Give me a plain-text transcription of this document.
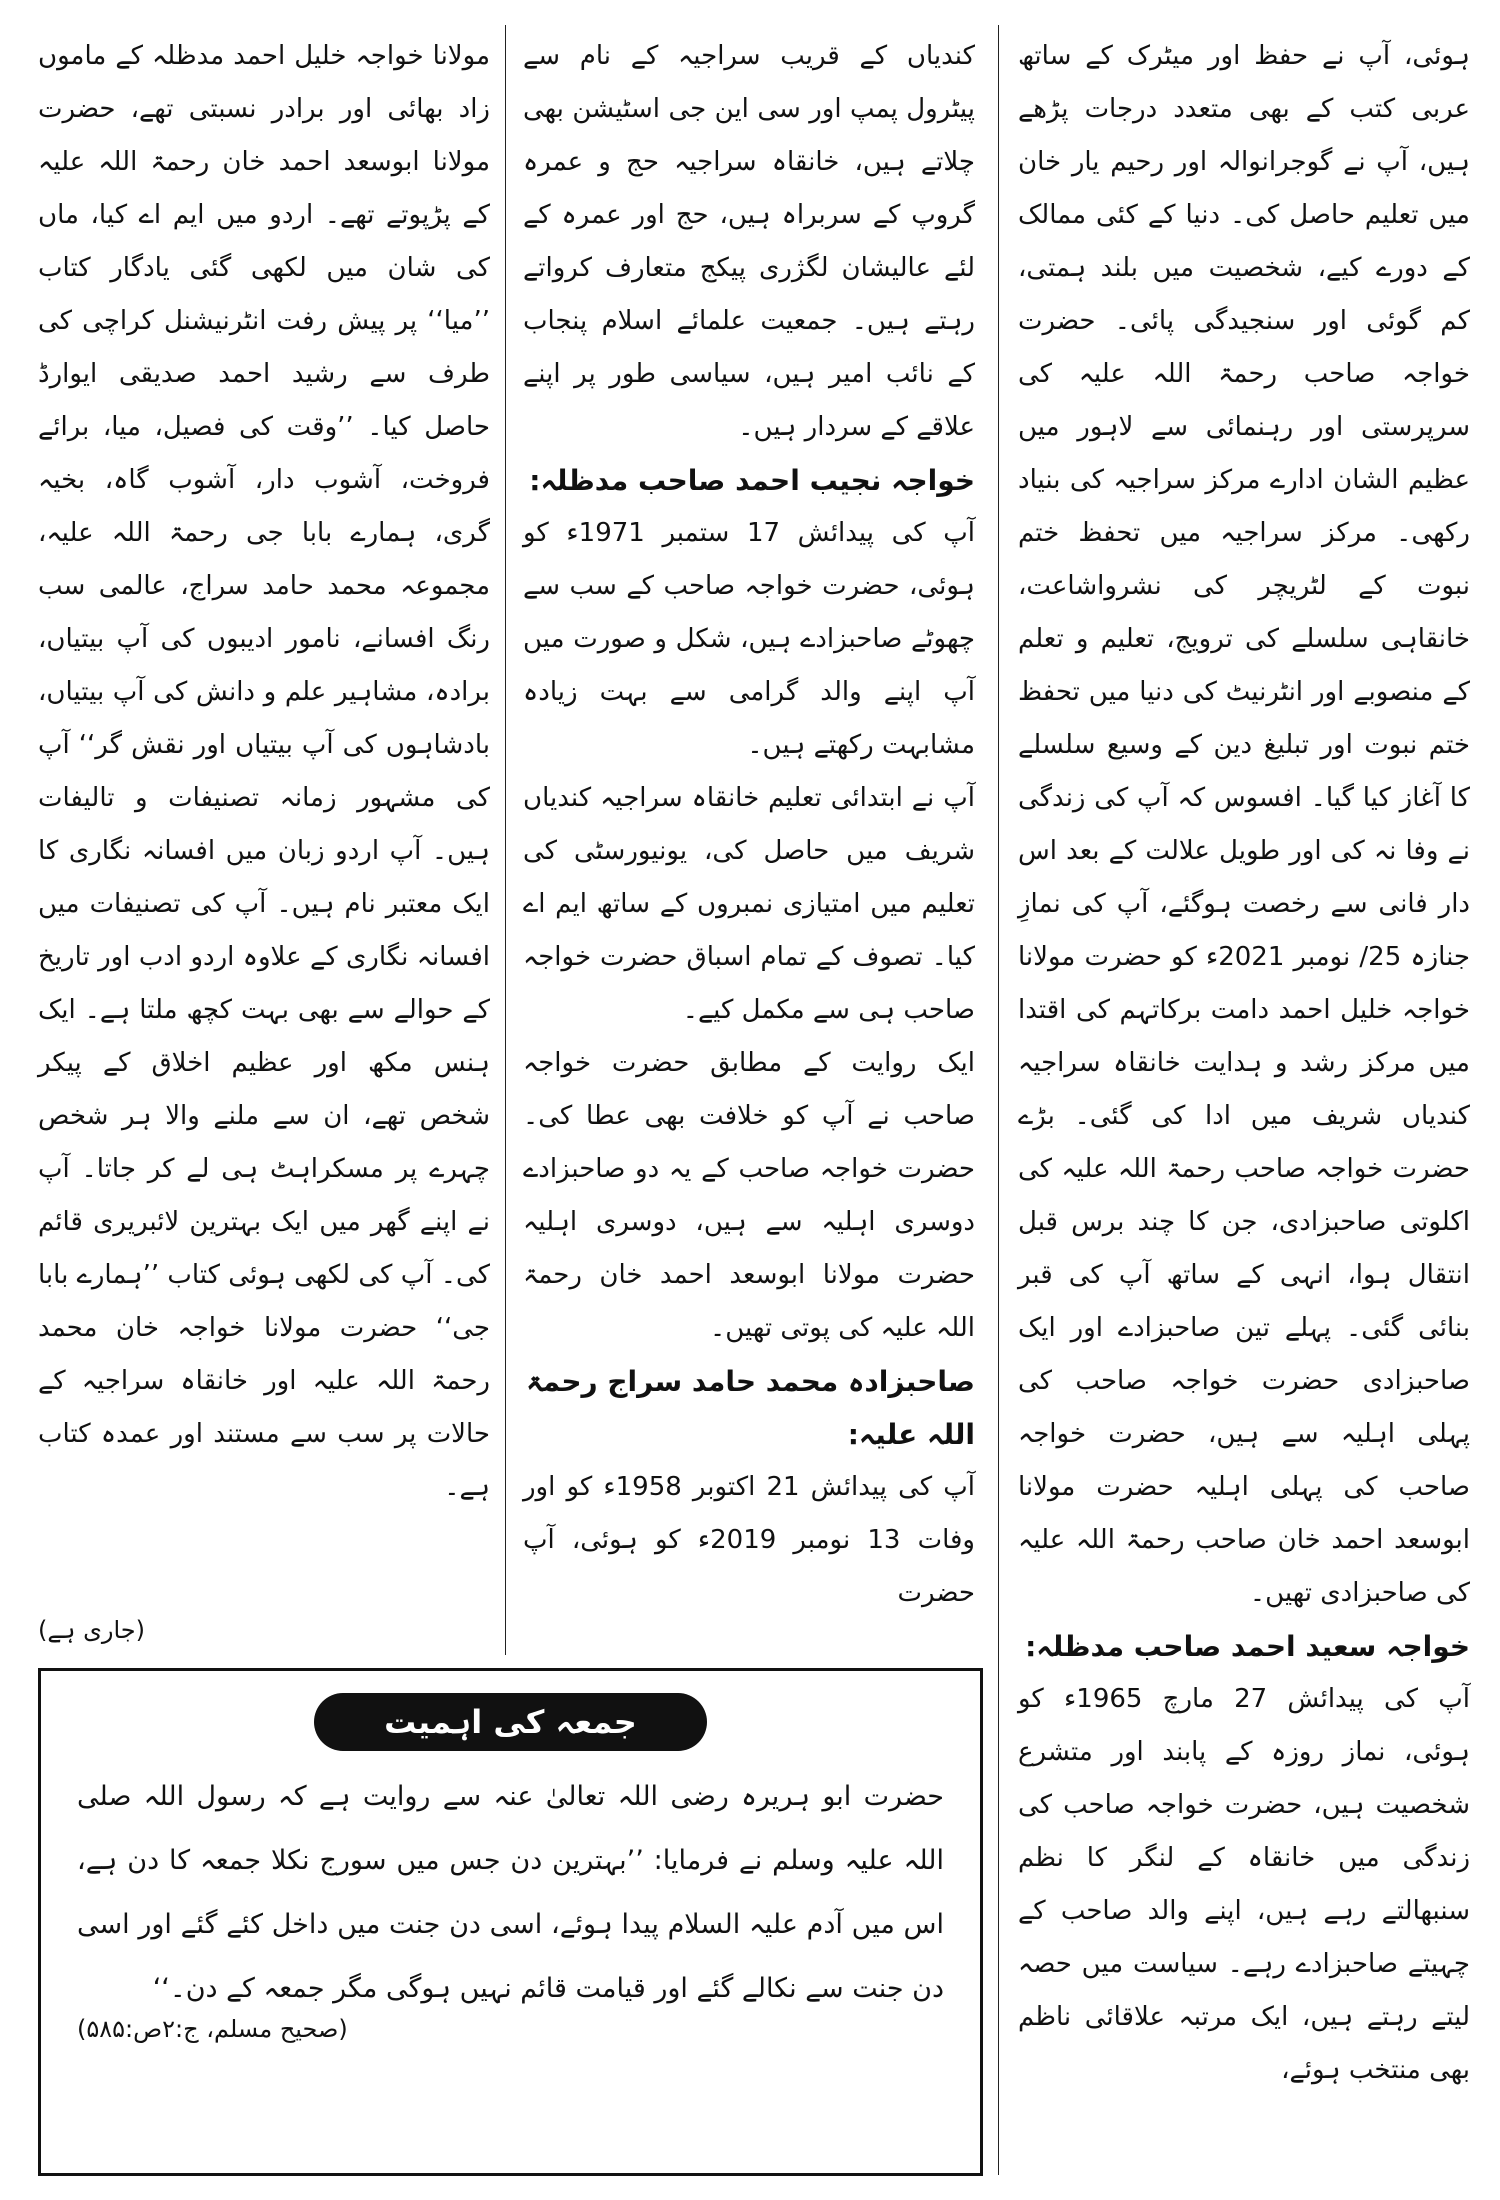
ہوئی، آپ نے حفظ اور میٹرک کے ساتھ عربی کتب کے بھی متعدد درجات پڑھے ہیں، آپ نے گوجرانوالہ اور رحیم یار خان میں تعلیم حاصل کی۔ دنیا کے کئی ممالک کے دورے کیے، شخصیت میں بلند ہمتی، کم گوئی اور سنجیدگی پائی۔ حضرت خواجہ صاحب رحمۃ اللہ علیہ کی سرپرستی اور رہنمائی سے لاہور میں عظیم الشان ادارے مرکز سراجیہ کی بنیاد رکھی۔ مرکز سراجیہ میں تحفظ ختم نبوت کے لٹریچر کی نشرواشاعت، خانقاہی سلسلے کی ترویج، تعلیم و تعلم کے منصوبے اور انٹرنیٹ کی دنیا میں تحفظ ختم نبوت اور تبلیغ دین کے وسیع سلسلے کا آغاز کیا گیا۔ افسوس کہ آپ کی زندگی نے وفا نہ کی اور طویل علالت کے بعد اس دار فانی سے رخصت ہوگئے، آپ کی نمازِ جنازہ 25/ نومبر 2021ء کو حضرت مولانا خواجہ خلیل احمد دامت برکاتہم کی اقتدا میں مرکز رشد و ہدایت خانقاہ سراجیہ کندیاں شریف میں ادا کی گئی۔ بڑے حضرت خواجہ صاحب رحمۃ اللہ علیہ کی اکلوتی صاحبزادی، جن کا چند برس قبل انتقال ہوا، انہی کے ساتھ آپ کی قبر بنائی گئی۔ پہلے تین صاحبزادے اور ایک صاحبزادی حضرت خواجہ صاحب کی پہلی اہلیہ سے ہیں، حضرت خواجہ صاحب کی پہلی اہلیہ حضرت مولانا ابوسعد احمد خان صاحب رحمۃ اللہ علیہ کی صاحبزادی تھیں۔

خواجہ سعید احمد صاحب مدظلہ:

آپ کی پیدائش 27 مارچ 1965ء کو ہوئی، نماز روزہ کے پابند اور متشرع شخصیت ہیں، حضرت خواجہ صاحب کی زندگی میں خانقاہ کے لنگر کا نظم سنبھالتے رہے ہیں، اپنے والد صاحب کے چہیتے صاحبزادے رہے۔ سیاست میں حصہ لیتے رہتے ہیں، ایک مرتبہ علاقائی ناظم بھی منتخب ہوئے،

کندیاں کے قریب سراجیہ کے نام سے پیٹرول پمپ اور سی این جی اسٹیشن بھی چلاتے ہیں، خانقاہ سراجیہ حج و عمرہ گروپ کے سربراہ ہیں، حج اور عمرہ کے لئے عالیشان لگژری پیکج متعارف کرواتے رہتے ہیں۔ جمعیت علمائے اسلام پنجاب کے نائب امیر ہیں، سیاسی طور پر اپنے علاقے کے سردار ہیں۔

خواجہ نجیب احمد صاحب مدظلہ:

آپ کی پیدائش 17 ستمبر 1971ء کو ہوئی، حضرت خواجہ صاحب کے سب سے چھوٹے صاحبزادے ہیں، شکل و صورت میں آپ اپنے والد گرامی سے بہت زیادہ مشابہت رکھتے ہیں۔

آپ نے ابتدائی تعلیم خانقاہ سراجیہ کندیاں شریف میں حاصل کی، یونیورسٹی کی تعلیم میں امتیازی نمبروں کے ساتھ ایم اے کیا۔ تصوف کے تمام اسباق حضرت خواجہ صاحب ہی سے مکمل کیے۔

ایک روایت کے مطابق حضرت خواجہ صاحب نے آپ کو خلافت بھی عطا کی۔ حضرت خواجہ صاحب کے یہ دو صاحبزادے دوسری اہلیہ سے ہیں، دوسری اہلیہ حضرت مولانا ابوسعد احمد خان رحمۃ اللہ علیہ کی پوتی تھیں۔

صاحبزادہ محمد حامد سراج رحمۃ اللہ علیہ:

آپ کی پیدائش 21 اکتوبر 1958ء کو اور وفات 13 نومبر 2019ء کو ہوئی، آپ حضرت

مولانا خواجہ خلیل احمد مدظلہ کے ماموں زاد بھائی اور برادر نسبتی تھے، حضرت مولانا ابوسعد احمد خان رحمۃ اللہ علیہ کے پڑپوتے تھے۔ اردو میں ایم اے کیا، ماں کی شان میں لکھی گئی یادگار کتاب ’’میا‘‘ پر پیش رفت انٹرنیشنل کراچی کی طرف سے رشید احمد صدیقی ایوارڈ حاصل کیا۔ ’’وقت کی فصیل، میا، برائے فروخت، آشوب دار، آشوب گاہ، بخیہ گری، ہمارے بابا جی رحمۃ اللہ علیہ، مجموعہ محمد حامد سراج، عالمی سب رنگ افسانے، نامور ادیبوں کی آپ بیتیاں، برادہ، مشاہیر علم و دانش کی آپ بیتیاں، بادشاہوں کی آپ بیتیاں اور نقش گر‘‘ آپ کی مشہور زمانہ تصنیفات و تالیفات ہیں۔ آپ اردو زبان میں افسانہ نگاری کا ایک معتبر نام ہیں۔ آپ کی تصنیفات میں افسانہ نگاری کے علاوہ اردو ادب اور تاریخ کے حوالے سے بھی بہت کچھ ملتا ہے۔ ایک ہنس مکھ اور عظیم اخلاق کے پیکر شخص تھے، ان سے ملنے والا ہر شخص چہرے پر مسکراہٹ ہی لے کر جاتا۔ آپ نے اپنے گھر میں ایک بہترین لائبریری قائم کی۔ آپ کی لکھی ہوئی کتاب ’’ہمارے بابا جی‘‘ حضرت مولانا خواجہ خان محمد رحمۃ اللہ علیہ اور خانقاہ سراجیہ کے حالات پر سب سے مستند اور عمدہ کتاب ہے۔

(جاری ہے)
جمعہ کی اہمیت
حضرت ابو ہریرہ رضی اللہ تعالیٰ عنہ سے روایت ہے کہ رسول اللہ صلی اللہ علیہ وسلم نے فرمایا: ’’بہترین دن جس میں سورج نکلا جمعہ کا دن ہے، اس میں آدم علیہ السلام پیدا ہوئے، اسی دن جنت میں داخل کئے گئے اور اسی دن جنت سے نکالے گئے اور قیامت قائم نہیں ہوگی مگر جمعہ کے دن۔‘‘
(صحیح مسلم، ج:۲ص:۵۸۵)
